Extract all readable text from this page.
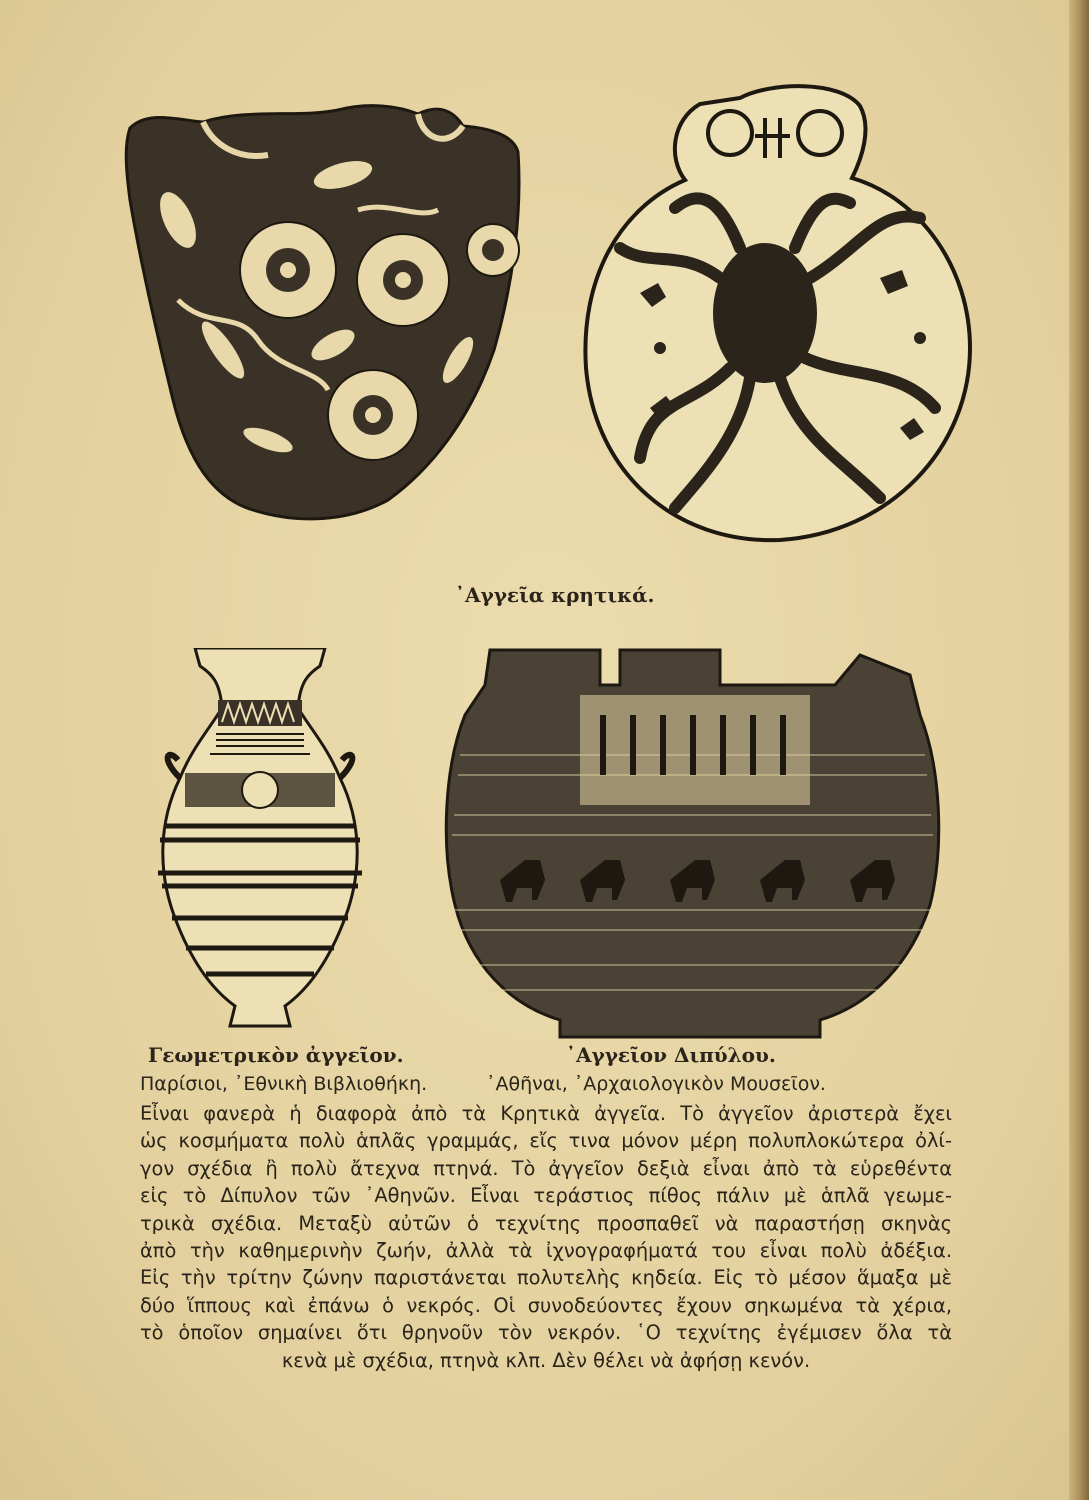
᾿Αγγεῖα κρητικά.
Γεωμετρικὸν ἀγγεῖον.	᾿Αγγεῖον Διπύλου.
Παρίσιοι, ᾿Εθνικὴ Βιβλιοθήκη.	᾿Αθῆναι, ᾿Αρχαιολογικὸν Μουσεῖον.
Εἶναι φανερὰ ἡ διαφορὰ ἀπὸ τὰ Κρητικὰ ἀγγεῖα. Τὸ ἀγγεῖον ἀριστερὰ ἔχει
ὡς κοσμήματα πολὺ ἁπλᾶς γραμμάς, εἴς τινα μόνον μέρη πολυπλοκώτερα ὀλί-
γον σχέδια ἢ πολὺ ἄτεχνα πτηνά. Τὸ ἀγγεῖον δεξιὰ εἶναι ἀπὸ τὰ εὑρεθέντα
εἰς τὸ Δίπυλον τῶν ᾿Αθηνῶν. Εἶναι τεράστιος πίθος πάλιν μὲ ἁπλᾶ γεωμε-
τρικὰ σχέδια. Μεταξὺ αὐτῶν ὁ τεχνίτης προσπαθεῖ νὰ παραστήσῃ σκηνὰς
ἀπὸ τὴν καθημερινὴν ζωήν, ἀλλὰ τὰ ἰχνογραφήματά του εἶναι πολὺ ἀδέξια.
Εἰς τὴν τρίτην ζώνην παριστάνεται πολυτελὴς κηδεία. Εἰς τὸ μέσον ἅμαξα μὲ
δύο ἵππους καὶ ἐπάνω ὁ νεκρός. Οἱ συνοδεύοντες ἔχουν σηκωμένα τὰ χέρια,
τὸ ὁποῖον σημαίνει ὅτι θρηνοῦν τὸν νεκρόν. ῾Ο τεχνίτης ἐγέμισεν ὅλα τὰ
κενὰ μὲ σχέδια, πτηνὰ κλπ. Δὲν θέλει νὰ ἀφήσῃ κενόν.
